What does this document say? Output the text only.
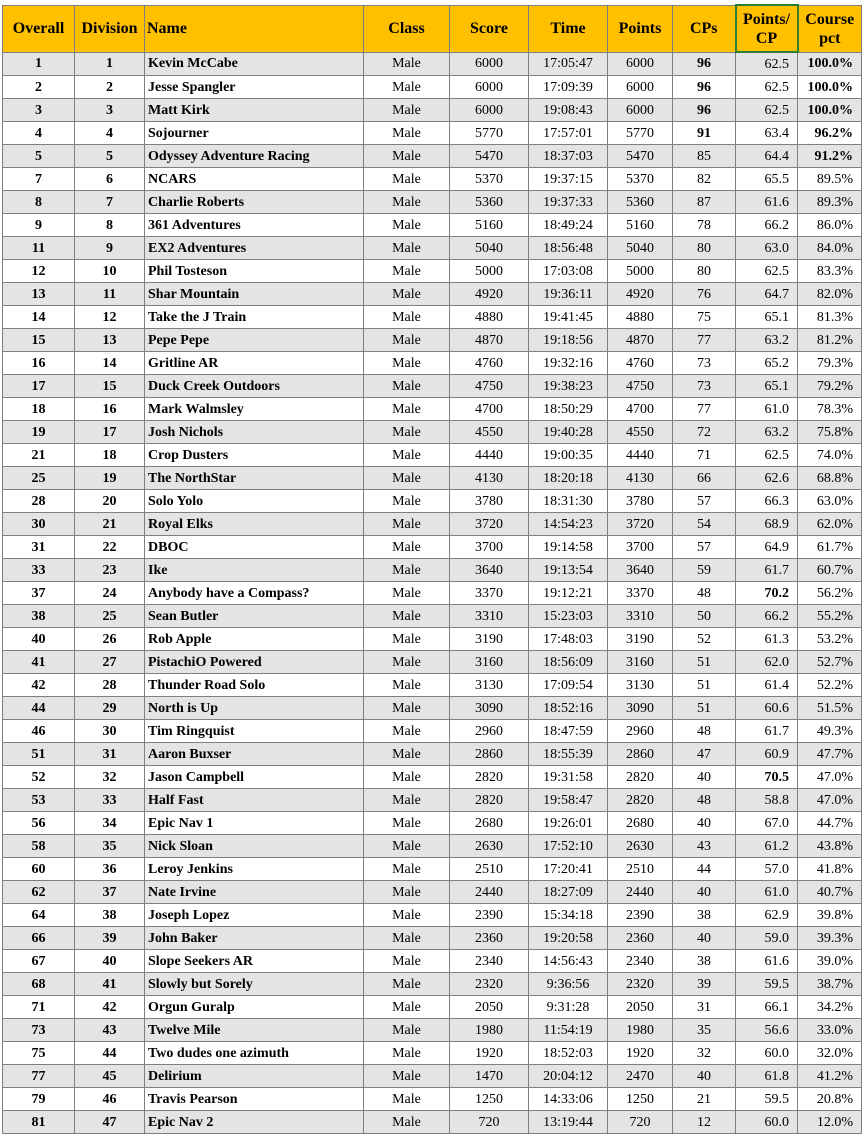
Overall	Division	Name	Class	Score	Time	Points	CPs	Points/ CP	Course pct
1	1	Kevin McCabe	Male	6000	17:05:47	6000	96	62.5	100.0%
2	2	Jesse Spangler	Male	6000	17:09:39	6000	96	62.5	100.0%
3	3	Matt Kirk	Male	6000	19:08:43	6000	96	62.5	100.0%
4	4	Sojourner	Male	5770	17:57:01	5770	91	63.4	96.2%
5	5	Odyssey Adventure Racing	Male	5470	18:37:03	5470	85	64.4	91.2%
7	6	NCARS	Male	5370	19:37:15	5370	82	65.5	89.5%
8	7	Charlie Roberts	Male	5360	19:37:33	5360	87	61.6	89.3%
9	8	361 Adventures	Male	5160	18:49:24	5160	78	66.2	86.0%
11	9	EX2 Adventures	Male	5040	18:56:48	5040	80	63.0	84.0%
12	10	Phil Tosteson	Male	5000	17:03:08	5000	80	62.5	83.3%
13	11	Shar Mountain	Male	4920	19:36:11	4920	76	64.7	82.0%
14	12	Take the J Train	Male	4880	19:41:45	4880	75	65.1	81.3%
15	13	Pepe Pepe	Male	4870	19:18:56	4870	77	63.2	81.2%
16	14	Gritline AR	Male	4760	19:32:16	4760	73	65.2	79.3%
17	15	Duck Creek Outdoors	Male	4750	19:38:23	4750	73	65.1	79.2%
18	16	Mark Walmsley	Male	4700	18:50:29	4700	77	61.0	78.3%
19	17	Josh Nichols	Male	4550	19:40:28	4550	72	63.2	75.8%
21	18	Crop Dusters	Male	4440	19:00:35	4440	71	62.5	74.0%
25	19	The NorthStar	Male	4130	18:20:18	4130	66	62.6	68.8%
28	20	Solo Yolo	Male	3780	18:31:30	3780	57	66.3	63.0%
30	21	Royal Elks	Male	3720	14:54:23	3720	54	68.9	62.0%
31	22	DBOC	Male	3700	19:14:58	3700	57	64.9	61.7%
33	23	Ike	Male	3640	19:13:54	3640	59	61.7	60.7%
37	24	Anybody have a Compass?	Male	3370	19:12:21	3370	48	70.2	56.2%
38	25	Sean Butler	Male	3310	15:23:03	3310	50	66.2	55.2%
40	26	Rob Apple	Male	3190	17:48:03	3190	52	61.3	53.2%
41	27	PistachiO Powered	Male	3160	18:56:09	3160	51	62.0	52.7%
42	28	Thunder Road Solo	Male	3130	17:09:54	3130	51	61.4	52.2%
44	29	North is Up	Male	3090	18:52:16	3090	51	60.6	51.5%
46	30	Tim Ringquist	Male	2960	18:47:59	2960	48	61.7	49.3%
51	31	Aaron Buxser	Male	2860	18:55:39	2860	47	60.9	47.7%
52	32	Jason Campbell	Male	2820	19:31:58	2820	40	70.5	47.0%
53	33	Half Fast	Male	2820	19:58:47	2820	48	58.8	47.0%
56	34	Epic Nav 1	Male	2680	19:26:01	2680	40	67.0	44.7%
58	35	Nick Sloan	Male	2630	17:52:10	2630	43	61.2	43.8%
60	36	Leroy Jenkins	Male	2510	17:20:41	2510	44	57.0	41.8%
62	37	Nate Irvine	Male	2440	18:27:09	2440	40	61.0	40.7%
64	38	Joseph Lopez	Male	2390	15:34:18	2390	38	62.9	39.8%
66	39	John Baker	Male	2360	19:20:58	2360	40	59.0	39.3%
67	40	Slope Seekers AR	Male	2340	14:56:43	2340	38	61.6	39.0%
68	41	Slowly but Sorely	Male	2320	9:36:56	2320	39	59.5	38.7%
71	42	Orgun Guralp	Male	2050	9:31:28	2050	31	66.1	34.2%
73	43	Twelve Mile	Male	1980	11:54:19	1980	35	56.6	33.0%
75	44	Two dudes one azimuth	Male	1920	18:52:03	1920	32	60.0	32.0%
77	45	Delirium	Male	1470	20:04:12	2470	40	61.8	41.2%
79	46	Travis Pearson	Male	1250	14:33:06	1250	21	59.5	20.8%
81	47	Epic Nav 2	Male	720	13:19:44	720	12	60.0	12.0%
